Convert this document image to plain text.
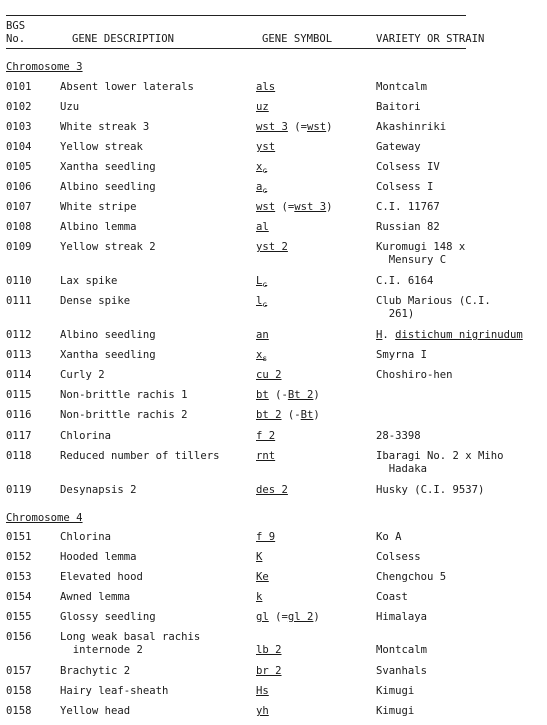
BGS
No.	GENE DESCRIPTION	GENE SYMBOL	VARIETY OR STRAIN
Chromosome 3
0101	Absent lower laterals	als	Montcalm
0102	Uzu	uz	Baitori
0103	White streak 3	wst 3 (=wst)	Akashinriki
0104	Yellow streak	yst	Gateway
0105	Xantha seedling	$x_c$	Colsess IV
0106	Albino seedling	$a_c$	Colsess I
0107	White stripe	wst (=wst 3)	C.I. 11767
0108	Albino lemma	al	Russian 82
0109	Yellow streak 2	yst 2	Kuromugi 148 x
Mensury C
0110	Lax spike	$L_c$	C.I. 6164
0111	Dense spike	$l_c$	Club Marious (C.I.
261)
0112	Albino seedling	an	H. distichum nigrinudum
0113	Xantha seedling	$x_s$	Smyrna I
0114	Curly 2	cu 2	Choshiro-hen
0115	Non-brittle rachis 1	bt (-Bt 2)
0116	Non-brittle rachis 2	bt 2 (-Bt)
0117	Chlorina	f 2	28-3398
0118	Reduced number of tillers	rnt	Ibaragi No. 2 x Miho
Hadaka
0119	Desynapsis 2	des 2	Husky (C.I. 9537)
Chromosome 4
0151	Chlorina	f 9	Ko A
0152	Hooded lemma	K	Colsess
0153	Elevated hood	Ke	Chengchou 5
0154	Awned lemma	k	Coast
0155	Glossy seedling	gl (=gl 2)	Himalaya
0156	Long weak basal rachis
internode 2	lb 2	Montcalm
0157	Brachytic 2	br 2	Svanhals
0158	Hairy leaf-sheath	Hs	Kimugi
0158	Yellow head	yh	Kimugi
